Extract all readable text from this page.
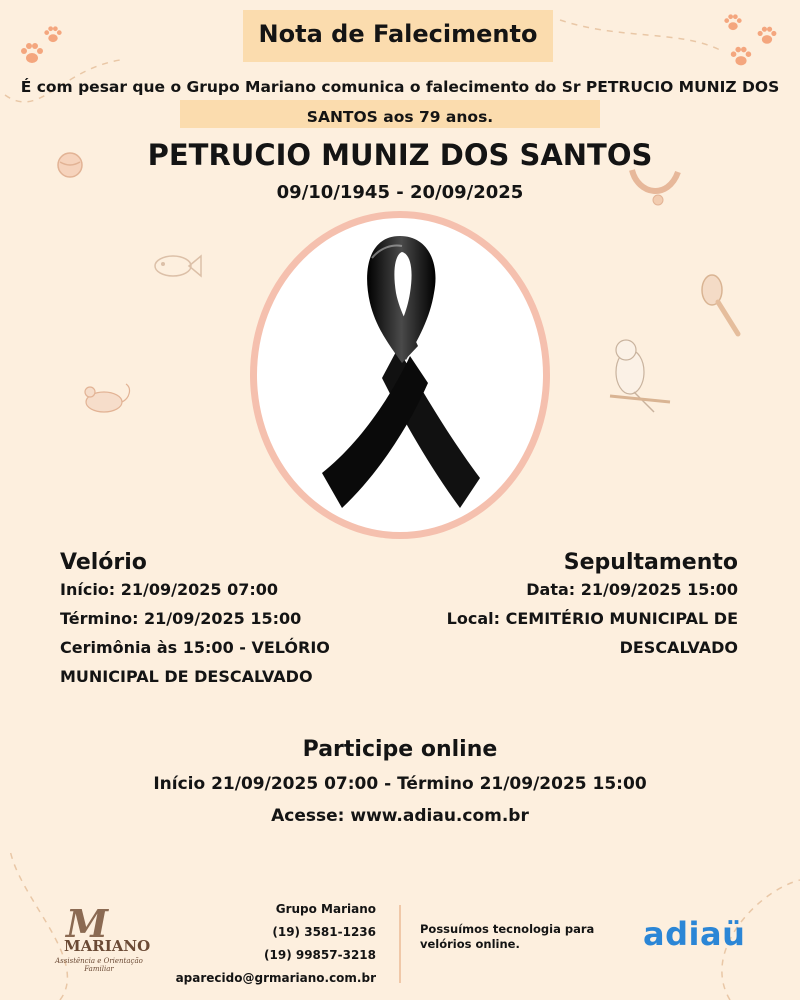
Nota de Falecimento
É com pesar que o Grupo Mariano comunica o falecimento do Sr PETRUCIO MUNIZ DOS SANTOS aos 79 anos.
PETRUCIO MUNIZ DOS SANTOS
09/10/1945 - 20/09/2025
Velório
Início: 21/09/2025 07:00
Término: 21/09/2025 15:00
Cerimônia às 15:00 - VELÓRIO
MUNICIPAL DE DESCALVADO
Sepultamento
Data: 21/09/2025 15:00
Local: CEMITÉRIO MUNICIPAL DE
DESCALVADO
Participe online
Início 21/09/2025 07:00 - Término 21/09/2025 15:00
Acesse: www.adiau.com.br
M
MARIANO
Assistência e Orientação Familiar
Grupo Mariano
(19) 3581-1236
(19) 99857-3218
aparecido@grmariano.com.br
Possuímos tecnologia para velórios online.	adiaü
